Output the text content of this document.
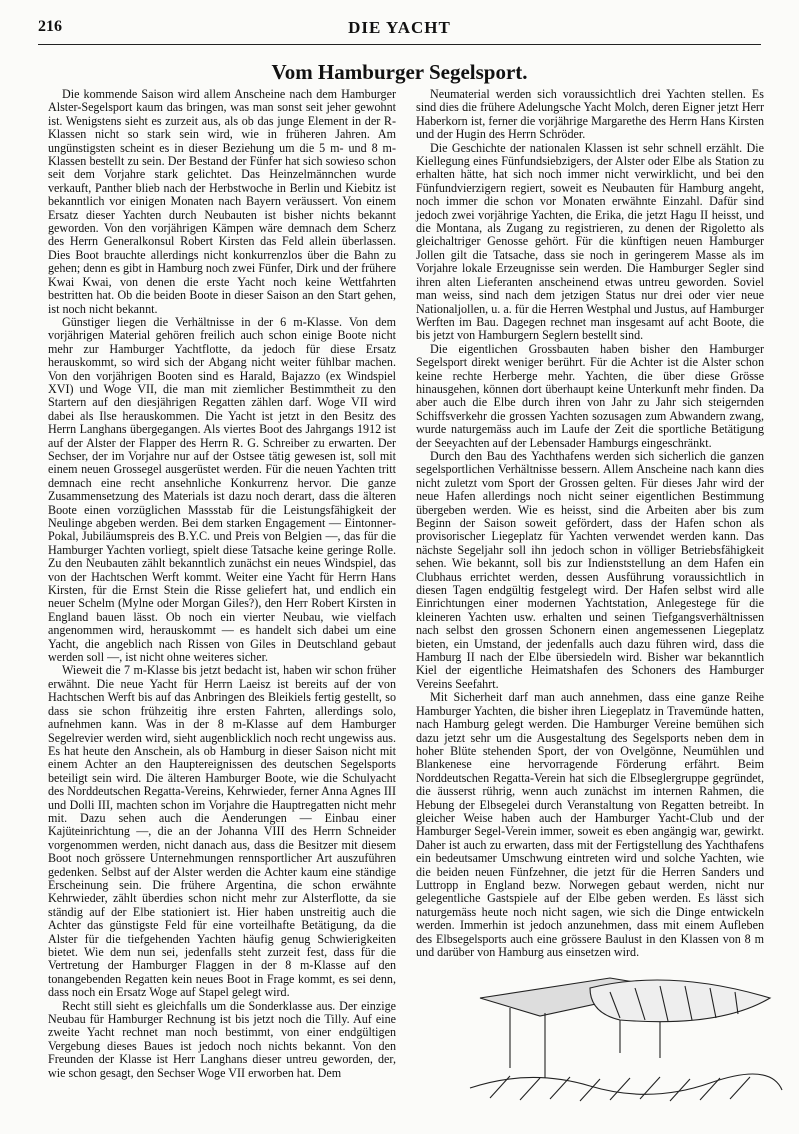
216	DIE YACHT
Vom Hamburger Segelsport.

Die kommende Saison wird allem Anscheine nach dem Hamburger Alster-Segelsport kaum das bringen, was man sonst seit jeher gewohnt ist. Wenigstens sieht es zurzeit aus, als ob das junge Element in der R-Klassen nicht so stark sein wird, wie in früheren Jahren. Am ungünstigsten scheint es in dieser Beziehung um die 5 m- und 8 m-Klassen bestellt zu sein. Der Bestand der Fünfer hat sich sowieso schon seit dem Vorjahre stark gelichtet. Das Heinzelmännchen wurde verkauft, Panther blieb nach der Herbstwoche in Berlin und Kiebitz ist bekanntlich vor einigen Monaten nach Bayern veräussert. Von einem Ersatz dieser Yachten durch Neubauten ist bisher nichts bekannt geworden. Von den vorjährigen Kämpen wäre demnach dem Scherz des Herrn Generalkonsul Robert Kirsten das Feld allein überlassen. Dies Boot brauchte allerdings nicht konkurrenzlos über die Bahn zu gehen; denn es gibt in Hamburg noch zwei Fünfer, Dirk und der frühere Kwai Kwai, von denen die erste Yacht noch keine Wettfahrten bestritten hat. Ob die beiden Boote in dieser Saison an den Start gehen, ist noch nicht bekannt.

Günstiger liegen die Verhältnisse in der 6 m-Klasse. Von dem vorjährigen Material gehören freilich auch schon einige Boote nicht mehr zur Hamburger Yachtflotte, da jedoch für diese Ersatz herauskommt, so wird sich der Abgang nicht weiter fühlbar machen. Von den vorjährigen Booten sind es Harald, Bajazzo (ex Windspiel XVI) und Woge VII, die man mit ziemlicher Bestimmtheit zu den Startern auf den diesjährigen Regatten zählen darf. Woge VII wird dabei als Ilse herauskommen. Die Yacht ist jetzt in den Besitz des Herrn Langhans übergegangen. Als viertes Boot des Jahrgangs 1912 ist auf der Alster der Flapper des Herrn R. G. Schreiber zu erwarten. Der Sechser, der im Vorjahre nur auf der Ostsee tätig gewesen ist, soll mit einem neuen Grossegel ausgerüstet werden. Für die neuen Yachten tritt demnach eine recht ansehnliche Konkurrenz hervor. Die ganze Zusammensetzung des Materials ist dazu noch derart, dass die älteren Boote einen vorzüglichen Massstab für die Leistungsfähigkeit der Neulinge abgeben werden. Bei dem starken Engagement — Eintonner-Pokal, Jubiläumspreis des B.Y.C. und Preis von Belgien —, das für die Hamburger Yachten vorliegt, spielt diese Tatsache keine geringe Rolle. Zu den Neubauten zählt bekanntlich zunächst ein neues Windspiel, das von der Hachtschen Werft kommt. Weiter eine Yacht für Herrn Hans Kirsten, für die Ernst Stein die Risse geliefert hat, und endlich ein neuer Schelm (Mylne oder Morgan Giles?), den Herr Robert Kirsten in England bauen lässt. Ob noch ein vierter Neubau, wie vielfach angenommen wird, herauskommt — es handelt sich dabei um eine Yacht, die angeblich nach Rissen von Giles in Deutschland gebaut werden soll —, ist nicht ohne weiteres sicher.

Wieweit die 7 m-Klasse bis jetzt bedacht ist, haben wir schon früher erwähnt. Die neue Yacht für Herrn Laeisz ist bereits auf der von Hachtschen Werft bis auf das Anbringen des Bleikiels fertig gestellt, so dass sie schon frühzeitig ihre ersten Fahrten, allerdings solo, aufnehmen kann. Was in der 8 m-Klasse auf dem Hamburger Segelrevier werden wird, sieht augenblicklich noch recht ungewiss aus. Es hat heute den Anschein, als ob Hamburg in dieser Saison nicht mit einem Achter an den Hauptereignissen des deutschen Segelsports beteiligt sein wird. Die älteren Hamburger Boote, wie die Schulyacht des Norddeutschen Regatta-Vereins, Kehrwieder, ferner Anna Agnes III und Dolli III, machten schon im Vorjahre die Hauptregatten nicht mehr mit. Dazu sehen auch die Aenderungen — Einbau einer Kajüteinrichtung —, die an der Johanna VIII des Herrn Schneider vorgenommen werden, nicht danach aus, dass die Besitzer mit diesem Boot noch grössere Unternehmungen rennsportlicher Art auszuführen gedenken. Selbst auf der Alster werden die Achter kaum eine ständige Erscheinung sein. Die frühere Argentina, die schon erwähnte Kehrwieder, zählt überdies schon nicht mehr zur Alsterflotte, da sie ständig auf der Elbe stationiert ist. Hier haben unstreitig auch die Achter das günstigste Feld für eine vorteilhafte Betätigung, da die Alster für die tiefgehenden Yachten häufig genug Schwierigkeiten bietet. Wie dem nun sei, jedenfalls steht zurzeit fest, dass für die Vertretung der Hamburger Flaggen in der 8 m-Klasse auf den tonangebenden Regatten kein neues Boot in Frage kommt, es sei denn, dass noch ein Ersatz Woge auf Stapel gelegt wird.

Recht still sieht es gleichfalls um die Sonderklasse aus. Der einzige Neubau für Hamburger Rechnung ist bis jetzt noch die Tilly. Auf eine zweite Yacht rechnet man noch bestimmt, von einer endgültigen Vergebung dieses Baues ist jedoch noch nichts bekannt. Von den Freunden der Klasse ist Herr Langhans dieser untreu geworden, der, wie schon gesagt, den Sechser Woge VII erworben hat. Dem

Neumaterial werden sich voraussichtlich drei Yachten stellen. Es sind dies die frühere Adelungsche Yacht Molch, deren Eigner jetzt Herr Haberkorn ist, ferner die vorjährige Margarethe des Herrn Hans Kirsten und der Hugin des Herrn Schröder.

Die Geschichte der nationalen Klassen ist sehr schnell erzählt. Die Kiellegung eines Fünfundsiebzigers, der Alster oder Elbe als Station zu erhalten hätte, hat sich noch immer nicht verwirklicht, und bei den Fünfundvierzigern regiert, soweit es Neubauten für Hamburg angeht, noch immer die schon vor Monaten erwähnte Einzahl. Dafür sind jedoch zwei vorjährige Yachten, die Erika, die jetzt Hagu II heisst, und die Montana, als Zugang zu registrieren, zu denen der Rigoletto als gleichaltriger Genosse gehört. Für die künftigen neuen Hamburger Jollen gilt die Tatsache, dass sie noch in geringerem Masse als im Vorjahre lokale Erzeugnisse sein werden. Die Hamburger Segler sind ihren alten Lieferanten anscheinend etwas untreu geworden. Soviel man weiss, sind nach dem jetzigen Status nur drei oder vier neue Nationaljollen, u. a. für die Herren Westphal und Justus, auf Hamburger Werften im Bau. Dagegen rechnet man insgesamt auf acht Boote, die bis jetzt von Hamburgern Seglern bestellt sind.

Die eigentlichen Grossbauten haben bisher den Hamburger Segelsport direkt weniger berührt. Für die Achter ist die Alster schon keine rechte Herberge mehr. Yachten, die über diese Grösse hinausgehen, können dort überhaupt keine Unterkunft mehr finden. Da aber auch die Elbe durch ihren von Jahr zu Jahr sich steigernden Schiffsverkehr die grossen Yachten sozusagen zum Abwandern zwang, wurde naturgemäss auch im Laufe der Zeit die sportliche Betätigung der Seeyachten auf der Lebensader Hamburgs eingeschränkt.

Durch den Bau des Yachthafens werden sich sicherlich die ganzen segelsportlichen Verhältnisse bessern. Allem Anscheine nach kann dies nicht zuletzt vom Sport der Grossen gelten. Für dieses Jahr wird der neue Hafen allerdings noch nicht seiner eigentlichen Bestimmung übergeben werden. Wie es heisst, sind die Arbeiten aber bis zum Beginn der Saison soweit gefördert, dass der Hafen schon als provisorischer Liegeplatz für Yachten verwendet werden kann. Das nächste Segeljahr soll ihn jedoch schon in völliger Betriebsfähigkeit sehen. Wie bekannt, soll bis zur Indienststellung an dem Hafen ein Clubhaus errichtet werden, dessen Ausführung voraussichtlich in diesen Tagen endgültig festgelegt wird. Der Hafen selbst wird alle Einrichtungen einer modernen Yachtstation, Anlegestege für die kleineren Yachten usw. erhalten und seinen Tiefgangsverhältnissen nach selbst den grossen Schonern einen angemessenen Liegeplatz bieten, ein Umstand, der jedenfalls auch dazu führen wird, dass die Hamburg II nach der Elbe übersiedeln wird. Bisher war bekanntlich Kiel der eigentliche Heimatshafen des Schoners des Hamburger Vereins Seefahrt.

Mit Sicherheit darf man auch annehmen, dass eine ganze Reihe Hamburger Yachten, die bisher ihren Liegeplatz in Travemünde hatten, nach Hamburg gelegt werden. Die Hamburger Vereine bemühen sich dazu jetzt sehr um die Ausgestaltung des Segelsports neben dem in hoher Blüte stehenden Sport, der von Ovelgönne, Neumühlen und Blankenese eine hervorragende Förderung erfährt. Beim Norddeutschen Regatta-Verein hat sich die Elbseglergruppe gegründet, die äusserst rührig, wenn auch zunächst im internen Rahmen, die Hebung der Elbsegelei durch Veranstaltung von Regatten betreibt. In gleicher Weise haben auch der Hamburger Yacht-Club und der Hamburger Segel-Verein immer, soweit es eben angängig war, gewirkt. Daher ist auch zu erwarten, dass mit der Fertigstellung des Yachthafens ein bedeutsamer Umschwung eintreten wird und solche Yachten, wie die beiden neuen Fünfzehner, die jetzt für die Herren Sanders und Luttropp in England bezw. Norwegen gebaut werden, nicht nur gelegentliche Gastspiele auf der Elbe geben werden. Es lässt sich naturgemäss heute noch nicht sagen, wie sich die Dinge entwickeln werden. Immerhin ist jedoch anzunehmen, dass mit einem Aufleben des Elbsegelsports auch eine grössere Baulust in den Klassen von 8 m und darüber von Hamburg aus einsetzen wird.
